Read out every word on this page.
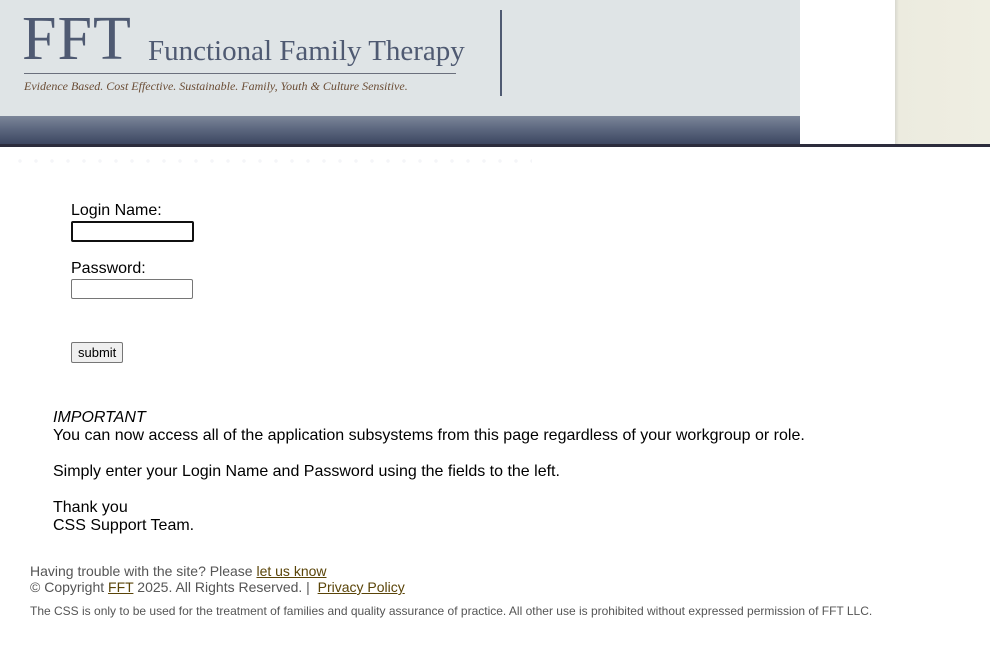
FFT Functional Family Therapy
Evidence Based. Cost Effective. Sustainable. Family, Youth & Culture Sensitive.
Login Name:
Password:
submit

IMPORTANT

You can now access all of the application subsystems from this page regardless of your workgroup or role.

Simply enter your Login Name and Password using the fields to the left.

Thank you

CSS Support Team.

Having trouble with the site? Please let us know
© Copyright FFT 2025. All Rights Reserved. |  Privacy Policy
The CSS is only to be used for the treatment of families and quality assurance of practice. All other use is prohibited without expressed permission of FFT LLC.
